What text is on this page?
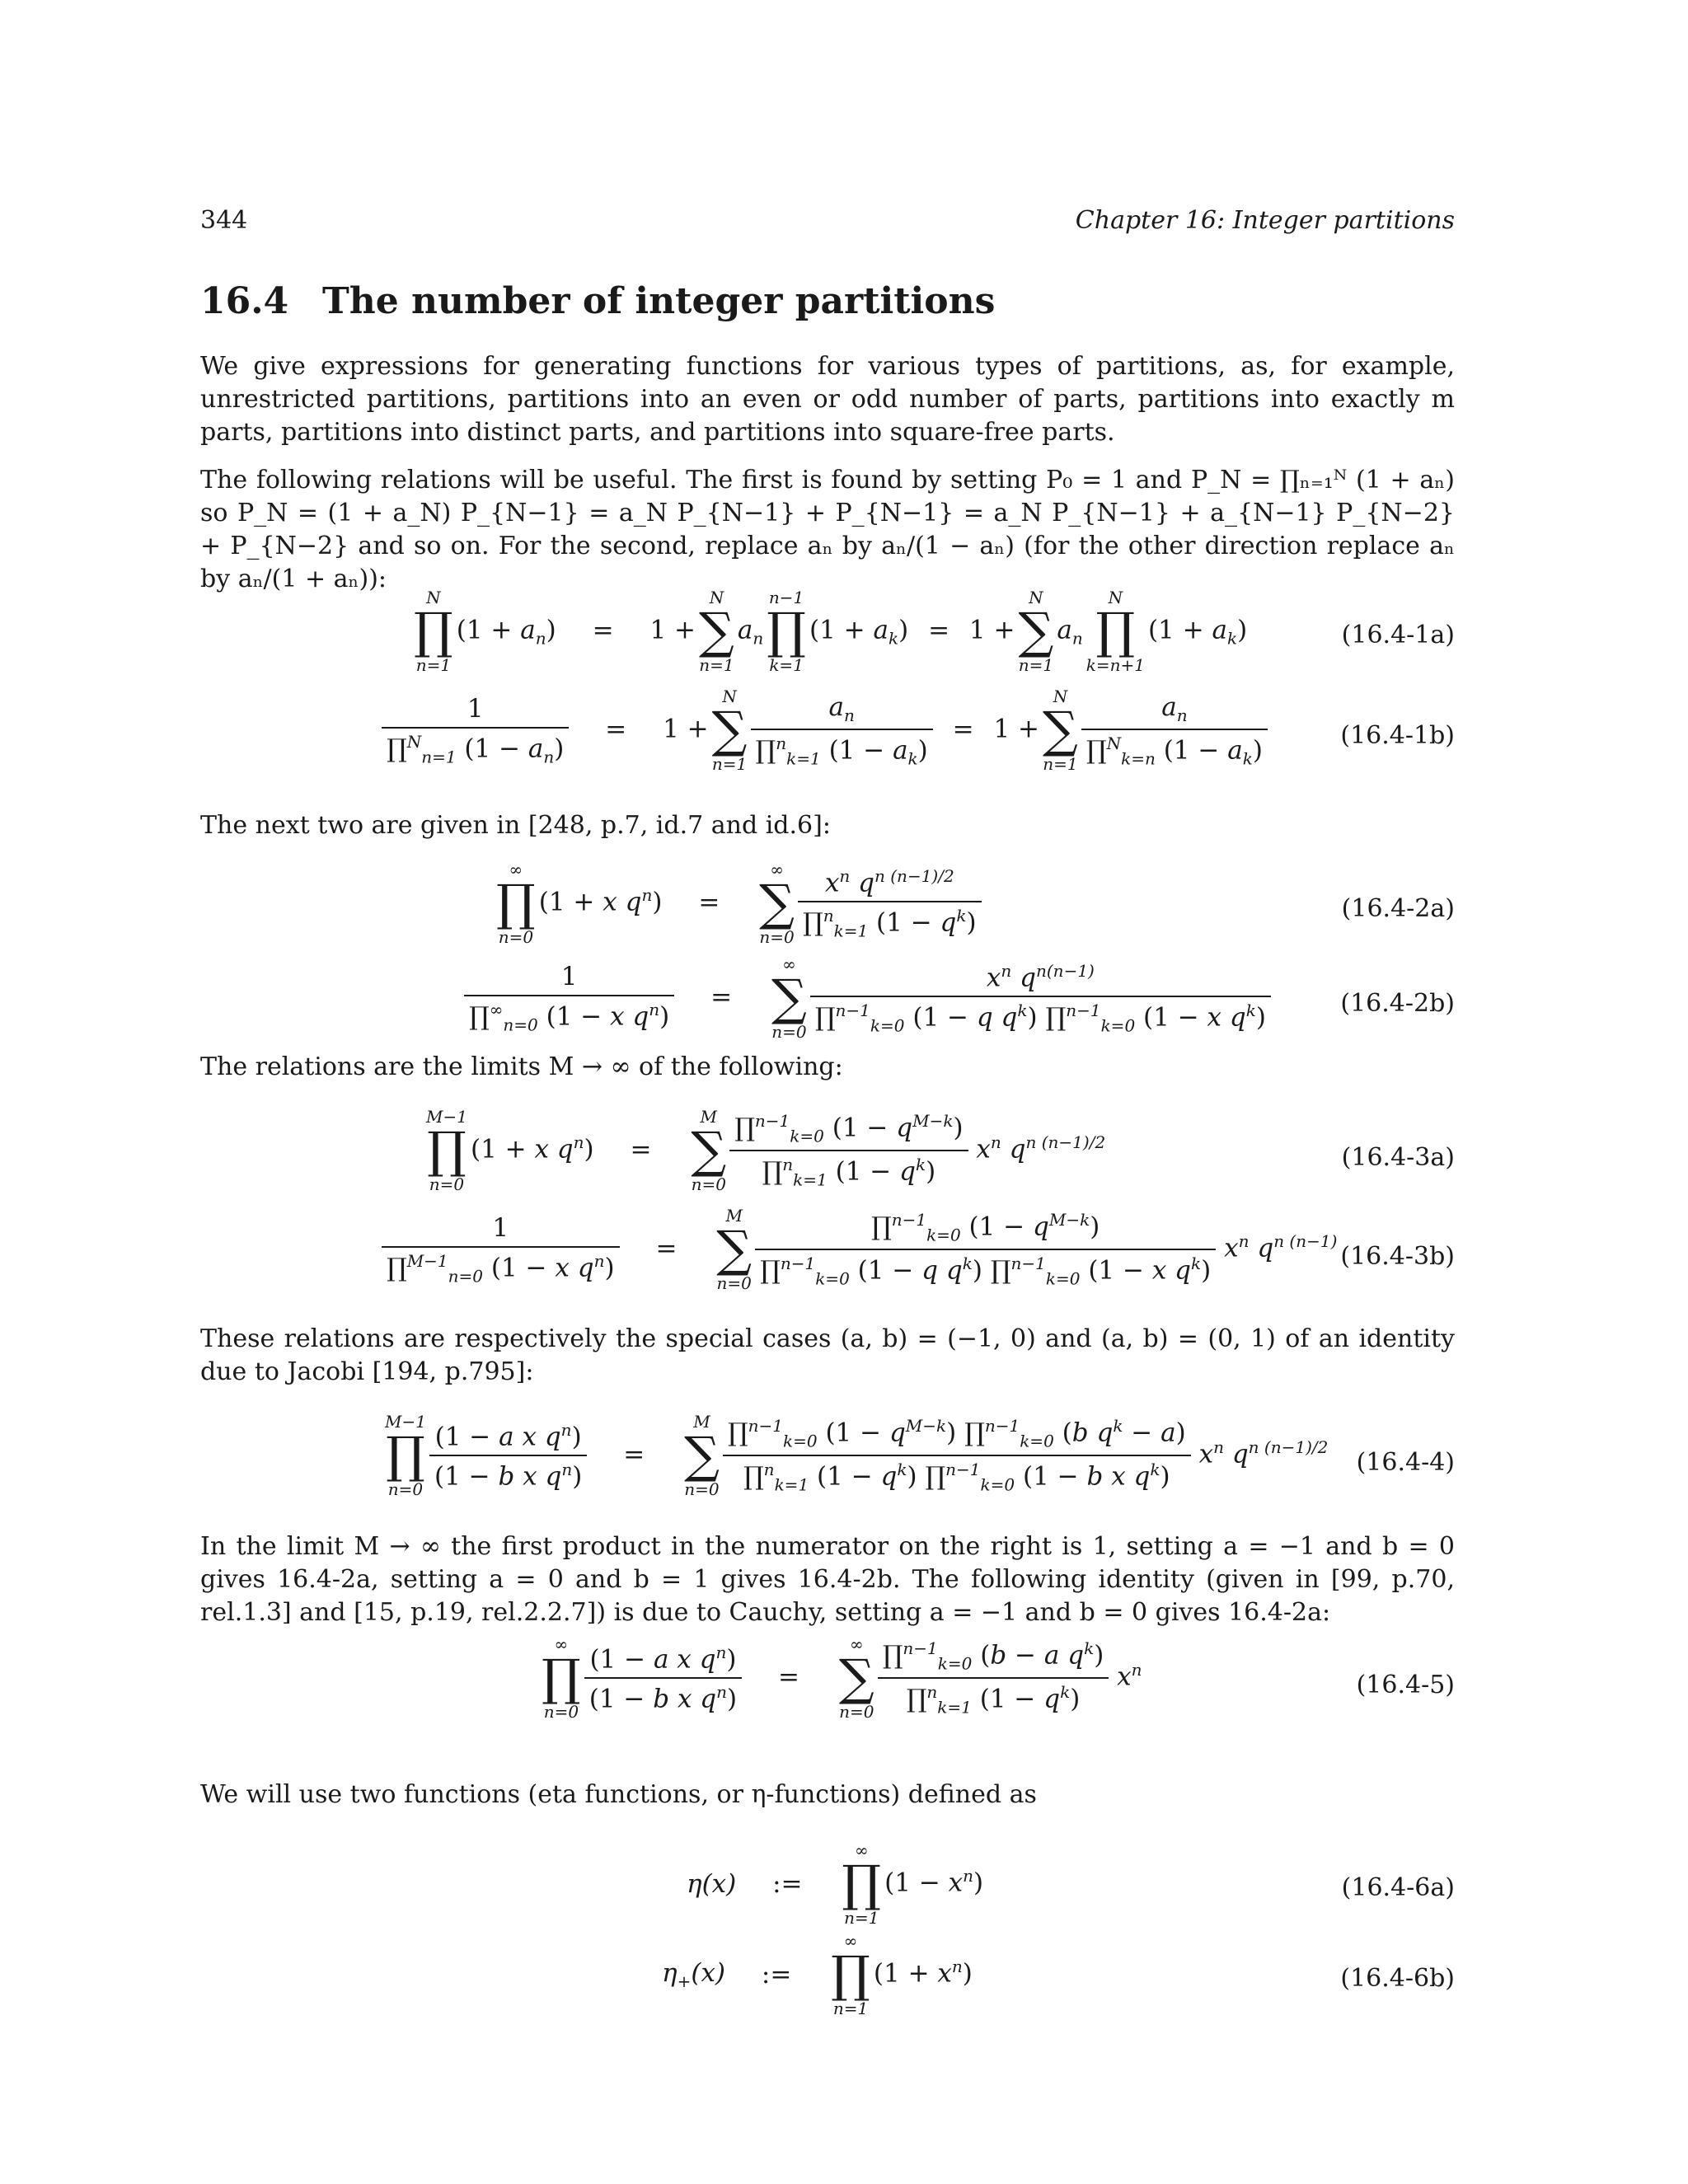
344	Chapter 16: Integer partitions
16.4 The number of integer partitions

We give expressions for generating functions for various types of partitions, as, for example, unrestricted partitions, partitions into an even or odd number of parts, partitions into exactly m parts, partitions into distinct parts, and partitions into square-free parts.

The following relations will be useful. The first is found by setting P₀ = 1 and P_N = ∏ₙ₌₁ᴺ (1 + aₙ) so P_N = (1 + a_N) P_{N−1} = a_N P_{N−1} + P_{N−1} = a_N P_{N−1} + a_{N−1} P_{N−2} + P_{N−2} and so on. For the second, replace aₙ by aₙ/(1 − aₙ) (for the other direction replace aₙ by aₙ/(1 + aₙ)):

N
∏
n=1
$(1 + a_n) = 1$ +
N
∑
n=1
$a_n$
n−1
∏
k=1
$(1 + a_k) = 1$ +
N
∑
n=1
$a_n$
N
∏
k=n+1
$(1 + a_k)$	(16.4-1a)
$\frac{1}{\prod^N_{n=1} (1 - a_n)} = 1$ +
N
∑
$n=1 \frac{a_n}{\prod^n_{k=1} (1 - a_k)} = 1$ +
N
∑
$n=1 \frac{a_n}{\prod^N_{k=n} (1 - a_k)}$	(16.4-1b)

The next two are given in [248, p.7, id.7 and id.6]:

∞
∏
n=0
(1 + x $q^n$) =
∞
∑
$n=0 \frac{x^n q^{n (n-1)/2}}{\prod^n_{k=1} (1 - q^k)}$	(16.4-2a)
$\frac{1}{\prod^\infty_{n=0} (1 - x q^n)}$ =
∞
∑
$n=0 \frac{x^n q^{n(n-1)}}{\prod^{n-1}_{k=0} (1 - q q^k) \prod^{n-1}_{k=0} (1 - x q^k)}$	(16.4-2b)

The relations are the limits M → ∞ of the following:

M−1
∏
n=0
(1 + x $q^n$) =
M
∑
$n=0 \frac{\prod^{n-1}_{k=0} (1 - q^{M-k})}{\prod^n_{k=1} (1 - q^k)} x^n$ $q^{n (n-1)/2}$
(16.4-3a)
$\frac{1}{\prod^{M-1}_{n=0} (1 - x q^n)}$ =
M
∑
$n=0 \frac{\prod^{n-1}_{k=0} (1 - q^{M-k})}{\prod^{n-1}_{k=0} (1 - q q^k) \prod^{n-1}_{k=0} (1 - x q^k)} x^n$ $q^{n (n-1)}$
(16.4-3b)

These relations are respectively the special cases (a, b) = (−1, 0) and (a, b) = (0, 1) of an identity due to Jacobi [194, p.795]:

M−1
∏
$n=0 \frac{(1 - a x q^n)}{(1 - b x q^n)}$ =
M
∑
$n=0 \frac{\prod^{n-1}_{k=0} (1 - q^{M-k}) \prod^{n-1}_{k=0} (b q^k - a)}{\prod^n_{k=1} (1 - q^k) \prod^{n-1}_{k=0} (1 - b x q^k)} x^n$ $q^{n (n-1)/2}$
(16.4-4)

In the limit M → ∞ the first product in the numerator on the right is 1, setting a = −1 and b = 0 gives 16.4-2a, setting a = 0 and b = 1 gives 16.4-2b. The following identity (given in [99, p.70, rel.1.3] and [15, p.19, rel.2.2.7]) is due to Cauchy, setting a = −1 and b = 0 gives 16.4-2a:

∞
∏
$n=0 \frac{(1 - a x q^n)}{(1 - b x q^n)}$ =
∞
∑
$n=0 \frac{\prod^{n-1}_{k=0} (b - a q^k)}{\prod^n_{k=1} (1 - q^k)} x^n$
(16.4-5)

We will use two functions (eta functions, or η-functions) defined as

η(x) :=
∞
∏
n=1
$(1 - x^n)$	(16.4-6a)
$\eta_+(x)$ :=
∞
∏
n=1
$(1 + x^n)$	(16.4-6b)
